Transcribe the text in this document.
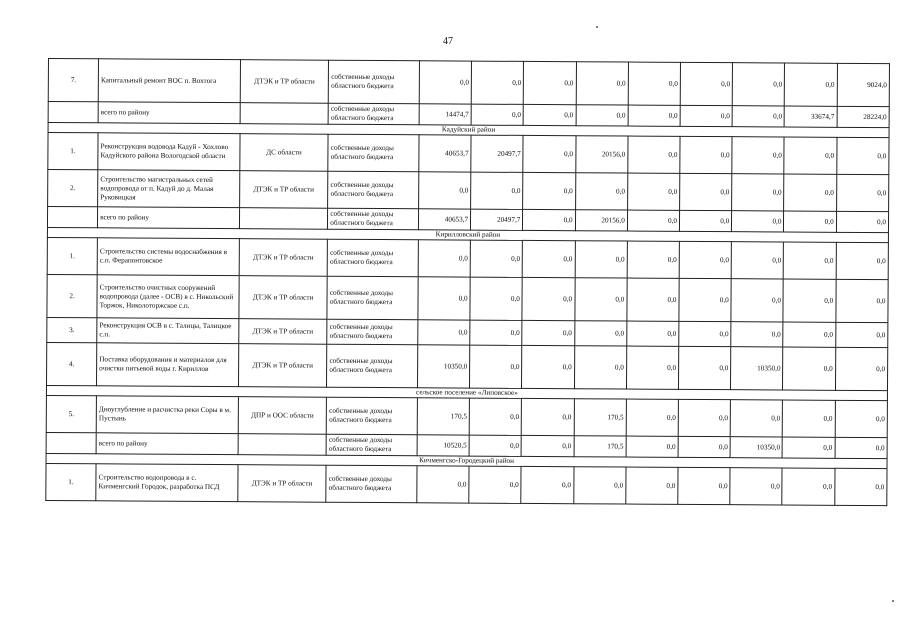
47
7.	Капитальный ремонт ВОС п. Вохтога	ДТЭК и ТР области	собственные доходы областного бюджета	0,0	0,0	0,0	0,0	0,0	0,0	0,0	0,0	9024,0
	всего по району		собственные доходы областного бюджета	14474,7	0,0	0,0	0,0	0,0	0,0	0,0	33674,7	28224,0
Кадуйский район												
1.	Реконструкция водовода Кадуй - Хохлово Кадуйского района Вологодской области	ДС области	собственные доходы областного бюджета	40653,7	20497,7	0,0	20156,0	0,0	0,0	0,0	0,0	0,0
2.	Строительство магистральных сетей водопровода от п. Кадуй до д. Малая Руковицкая	ДТЭК и ТР области	собственные доходы областного бюджета	0,0	0,0	0,0	0,0	0,0	0,0	0,0	0,0	0,0
	всего по району		собственные доходы областного бюджета	40653,7	20497,7	0,0	20156,0	0,0	0,0	0,0	0,0	0,0
Кирилловский район												
1.	Строительство системы водоснабжения в с.п. Ферапонтовское	ДТЭК и ТР области	собственные доходы областного бюджета	0,0	0,0	0,0	0,0	0,0	0,0	0,0	0,0	0,0
2.	Строительство очистных сооружений водопровода (далее - ОСВ) в с. Никольский Торжок, Николоторжское с.п.	ДТЭК и ТР области	собственные доходы областного бюджета	0,0	0,0	0,0	0,0	0,0	0,0	0,0	0,0	0,0
3.	Реконструкция ОСВ в с. Талицы, Талицкое с.п.	ДТЭК и ТР области	собственные доходы областного бюджета	0,0	0,0	0,0	0,0	0,0	0,0	0,0	0,0	0,0
4.	Поставка оборудования и материалов для очистки питьевой воды г. Кириллов	ДТЭК и ТР области	собственные доходы областного бюджета	10350,0	0,0	0,0	0,0	0,0	0,0	10350,0	0,0	0,0
сельское поселение «Липовское»												
5.	Дноуглубление и расчистка реки Соры в м. Пустынь	ДПР и ООС области	собственные доходы областного бюджета	170,5	0,0	0,0	170,5	0,0	0,0	0,0	0,0	0,0
	всего по району		собственные доходы областного бюджета	10520,5	0,0	0,0	170,5	0,0	0,0	10350,0	0,0	0,0
Кичменгско-Городецкий район												
1.	Строительство водопровода в с. Кичменгский Городок, разработка ПСД	ДТЭК и ТР области	собственные доходы областного бюджета	0,0	0,0	0,0	0,0	0,0	0,0	0,0	0,0	0,0
